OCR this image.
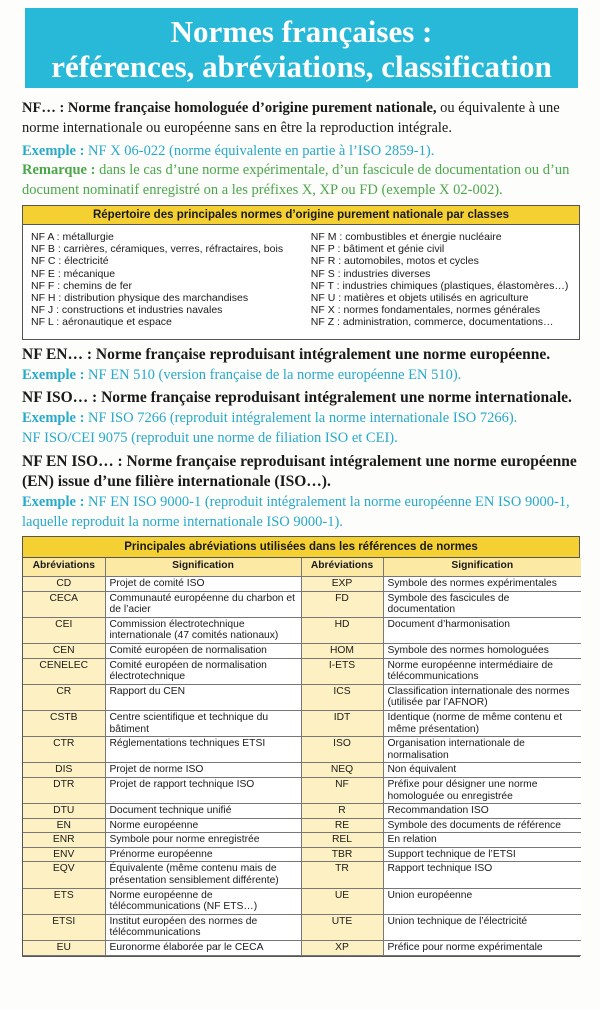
Normes françaises :
références, abréviations, classification
NF… : Norme française homologuée d’origine purement nationale, ou équivalente à une norme internationale ou européenne sans en être la reproduction intégrale.
Exemple : NF X 06-022 (norme équivalente en partie à l’ISO 2859-1).
Remarque : dans le cas d’une norme expérimentale, d’un fascicule de documentation ou d’un document nominatif enregistré on a les préfixes X, XP ou FD (exemple X 02-002).
Répertoire des principales normes d’origine purement nationale par classes
NF A : métallurgie
NF B : carrières, céramiques, verres, réfractaires, bois
NF C : électricité
NF E : mécanique
NF F : chemins de fer
NF H : distribution physique des marchandises
NF J : constructions et industries navales
NF L : aéronautique et espace
NF M : combustibles et énergie nucléaire
NF P : bâtiment et génie civil
NF R : automobiles, motos et cycles
NF S : industries diverses
NF T : industries chimiques (plastiques, élastomères…)
NF U : matières et objets utilisés en agriculture
NF X : normes fondamentales, normes générales
NF Z : administration, commerce, documentations…
NF EN… : Norme française reproduisant intégralement une norme européenne.
Exemple : NF EN 510 (version française de la norme européenne EN 510).
NF ISO… : Norme française reproduisant intégralement une norme internationale.
Exemple : NF ISO 7266 (reproduit intégralement la norme internationale ISO 7266).
NF ISO/CEI 9075 (reproduit une norme de filiation ISO et CEI).
NF EN ISO… : Norme française reproduisant intégralement une norme européenne (EN) issue d’une filière internationale (ISO…).
Exemple : NF EN ISO 9000-1 (reproduit intégralement la norme européenne EN ISO 9000-1, laquelle reproduit la norme internationale ISO 9000-1).
Principales abréviations utilisées dans les références de normes
Abréviations	Signification	Abréviations	Signification
CD	Projet de comité ISO	EXP	Symbole des normes expérimentales
CECA	Communauté européenne du charbon et de l’acier	FD	Symbole des fascicules de documentation
CEI	Commission électrotechnique internationale (47 comités nationaux)	HD	Document d’harmonisation
CEN	Comité européen de normalisation	HOM	Symbole des normes homologuées
CENELEC	Comité européen de normalisation électrotechnique	I-ETS	Norme européenne intermédiaire de télécommunications
CR	Rapport du CEN	ICS	Classification internationale des normes (utilisée par l’AFNOR)
CSTB	Centre scientifique et technique du bâtiment	IDT	Identique (norme de même contenu et même présentation)
CTR	Réglementations techniques ETSI	ISO	Organisation internationale de normalisation
DIS	Projet de norme ISO	NEQ	Non équivalent
DTR	Projet de rapport technique ISO	NF	Préfixe pour désigner une norme homologuée ou enregistrée
DTU	Document technique unifié	R	Recommandation ISO
EN	Norme européenne	RE	Symbole des documents de référence
ENR	Symbole pour norme enregistrée	REL	En relation
ENV	Prénorme européenne	TBR	Support technique de l’ETSI
EQV	Équivalente (même contenu mais de présentation sensiblement différente)	TR	Rapport technique ISO
ETS	Norme européenne de télécommunications (NF ETS…)	UE	Union européenne
ETSI	Institut européen des normes de télécommunications	UTE	Union technique de l’électricité
EU	Euronorme élaborée par le CECA	XP	Préfice pour norme expérimentale
